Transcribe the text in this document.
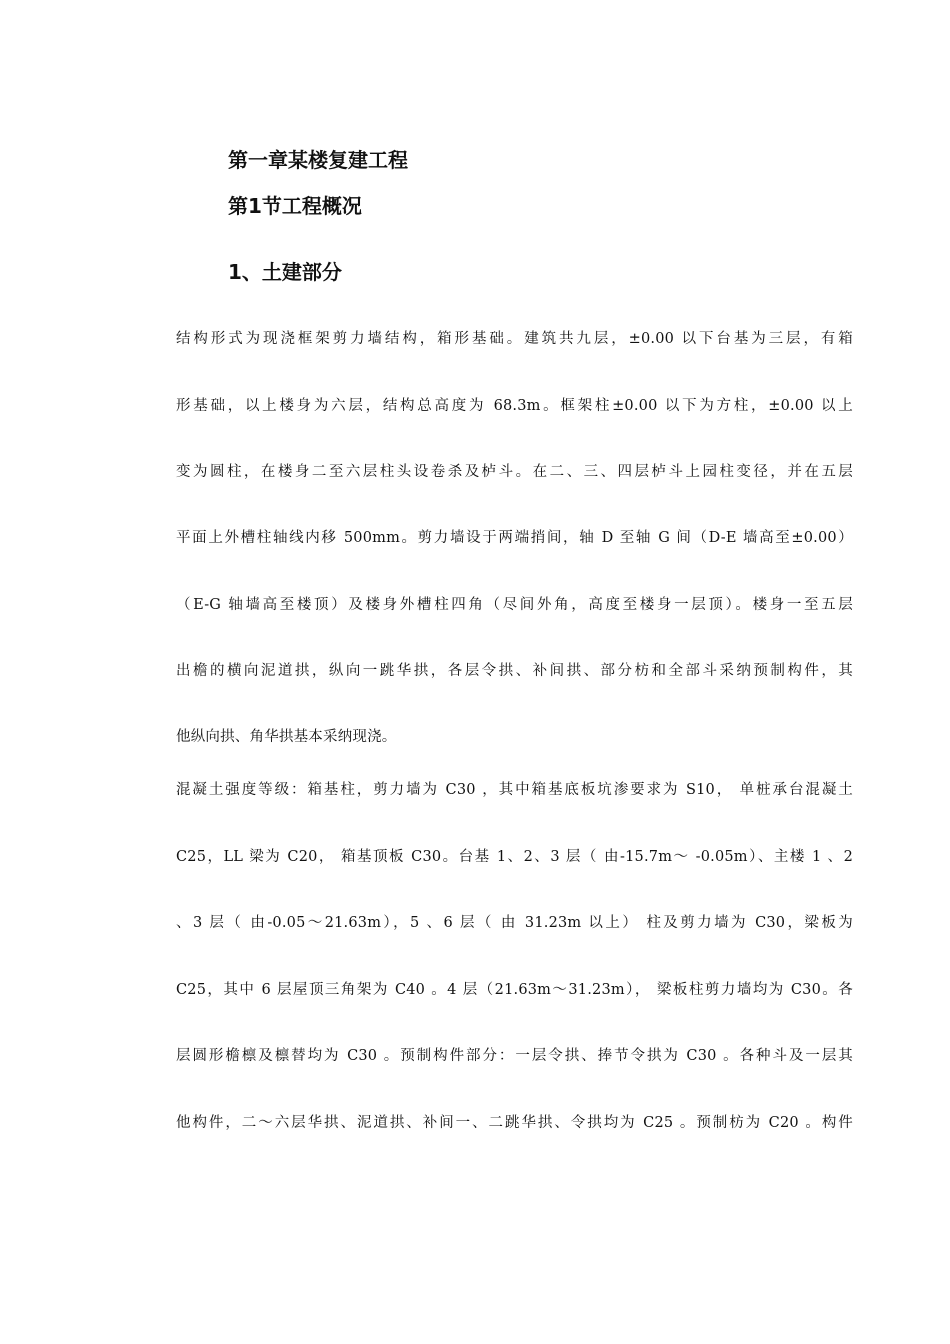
第一章某楼复建工程
第1节工程概况
1、土建部分
结构形式为现浇框架剪力墙结构，箱形基础。建筑共九层，±0.00 以下台基为三层，有箱
形基础，以上楼身为六层，结构总高度为 68.3m。框架柱±0.00 以下为方柱，±0.00 以上
变为圆柱，在楼身二至六层柱头设卷杀及栌斗。在二、三、四层栌斗上园柱变径，并在五层
平面上外槽柱轴线内移 500mm。剪力墙设于两端捎间，轴 D 至轴 G 间（D-E 墙高至±0.00）
（E-G 轴墙高至楼顶）及楼身外槽柱四角（尽间外角，高度至楼身一层顶）。楼身一至五层
出檐的横向泥道拱，纵向一跳华拱，各层令拱、补间拱、部分枋和全部斗采纳预制构件，其
他纵向拱、角华拱基本采纳现浇。
混凝土强度等级：箱基柱，剪力墙为 C30 ，其中箱基底板坑渗要求为 S10， 单桩承台混凝土
C25，LL 梁为 C20， 箱基顶板 C30。台基 1、2、3 层（ 由-15.7m～ -0.05m）、主楼 1 、2
、3 层（ 由-0.05～21.63m），5 、6 层（ 由 31.23m 以上） 柱及剪力墙为 C30，梁板为
C25，其中 6 层屋顶三角架为 C40 。4 层（21.63m～31.23m）， 梁板柱剪力墙均为 C30。各
层圆形檐檩及檩替均为 C30 。预制构件部分：一层令拱、捧节令拱为 C30 。各种斗及一层其
他构件，二～六层华拱、泥道拱、补间一、二跳华拱、令拱均为 C25 。预制枋为 C20 。构件
